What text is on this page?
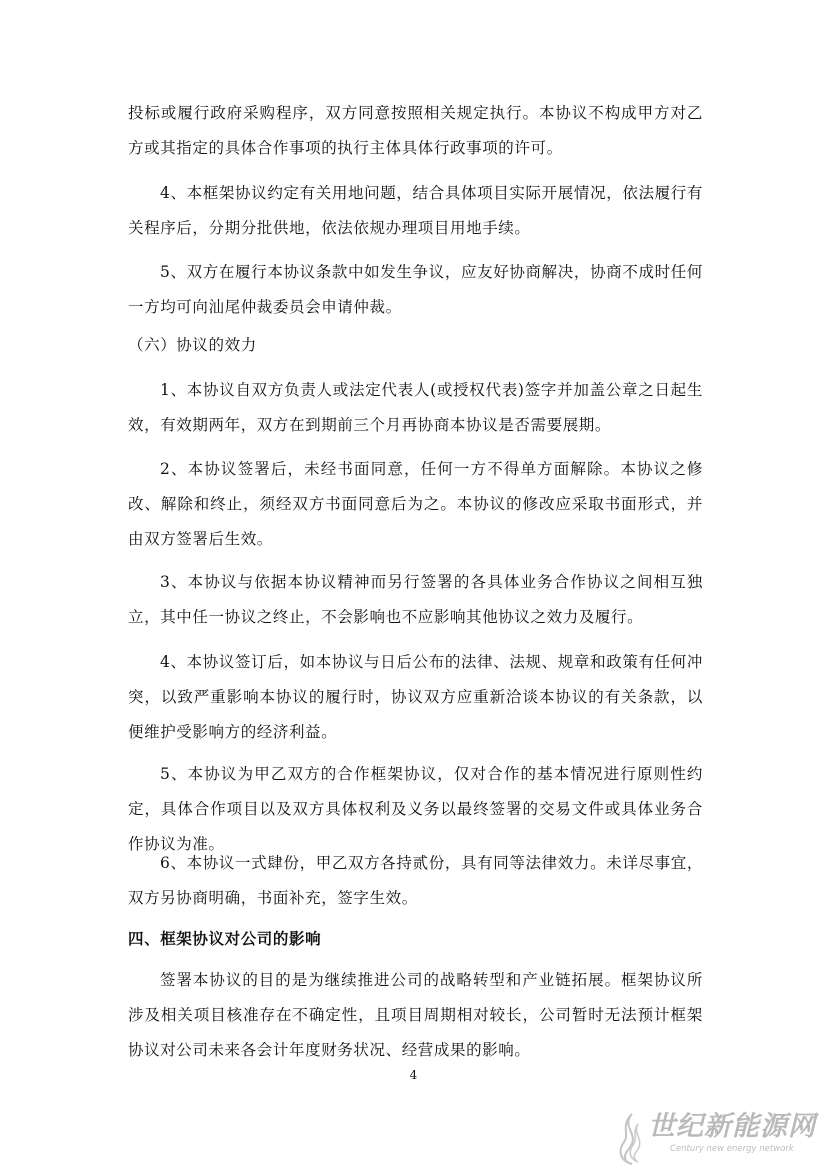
投标或履行政府采购程序，双方同意按照相关规定执行。本协议不构成甲方对乙方或其指定的具体合作事项的执行主体具体行政事项的许可。

4、本框架协议约定有关用地问题，结合具体项目实际开展情况，依法履行有关程序后，分期分批供地，依法依规办理项目用地手续。

5、双方在履行本协议条款中如发生争议，应友好协商解决，协商不成时任何一方均可向汕尾仲裁委员会申请仲裁。

（六）协议的效力

1、本协议自双方负责人或法定代表人(或授权代表)签字并加盖公章之日起生效，有效期两年，双方在到期前三个月再协商本协议是否需要展期。

2、本协议签署后，未经书面同意，任何一方不得单方面解除。本协议之修改、解除和终止，须经双方书面同意后为之。本协议的修改应采取书面形式，并由双方签署后生效。

3、本协议与依据本协议精神而另行签署的各具体业务合作协议之间相互独立，其中任一协议之终止，不会影响也不应影响其他协议之效力及履行。

4、本协议签订后，如本协议与日后公布的法律、法规、规章和政策有任何冲突，以致严重影响本协议的履行时，协议双方应重新洽谈本协议的有关条款，以便维护受影响方的经济利益。

5、本协议为甲乙双方的合作框架协议，仅对合作的基本情况进行原则性约定，具体合作项目以及双方具体权利及义务以最终签署的交易文件或具体业务合作协议为准。

6、本协议一式肆份，甲乙双方各持贰份，具有同等法律效力。未详尽事宜，双方另协商明确，书面补充，签字生效。

四、框架协议对公司的影响

签署本协议的目的是为继续推进公司的战略转型和产业链拓展。框架协议所涉及相关项目核准存在不确定性，且项目周期相对较长，公司暂时无法预计框架协议对公司未来各会计年度财务状况、经营成果的影响。

4
世纪新能源网
Century new energy network
